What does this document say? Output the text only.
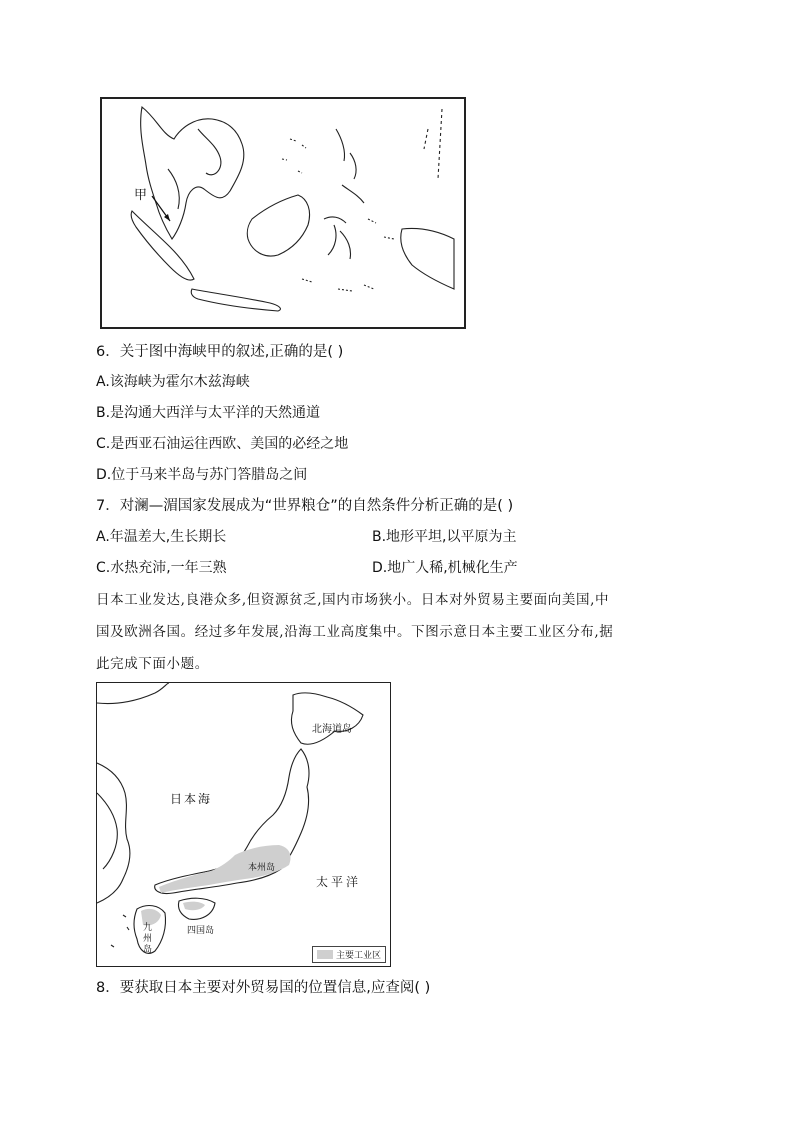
甲
6．关于图中海峡甲的叙述,正确的是( )
A.该海峡为霍尔木兹海峡
B.是沟通大西洋与太平洋的天然通道
C.是西亚石油运往西欧、美国的必经之地
D.位于马来半岛与苏门答腊岛之间
7．对澜—湄国家发展成为“世界粮仓”的自然条件分析正确的是( )
A.年温差大,生长期长	B.地形平坦,以平原为主
C.水热充沛,一年三熟	D.地广人稀,机械化生产
日本工业发达,良港众多,但资源贫乏,国内市场狭小。日本对外贸易主要面向美国,中
国及欧洲各国。经过多年发展,沿海工业高度集中。下图示意日本主要工业区分布,据
此完成下面小题。
北海道岛
日本海
本州岛
太平洋
四国岛
九州岛
主要工业区
8．要获取日本主要对外贸易国的位置信息,应查阅( )
